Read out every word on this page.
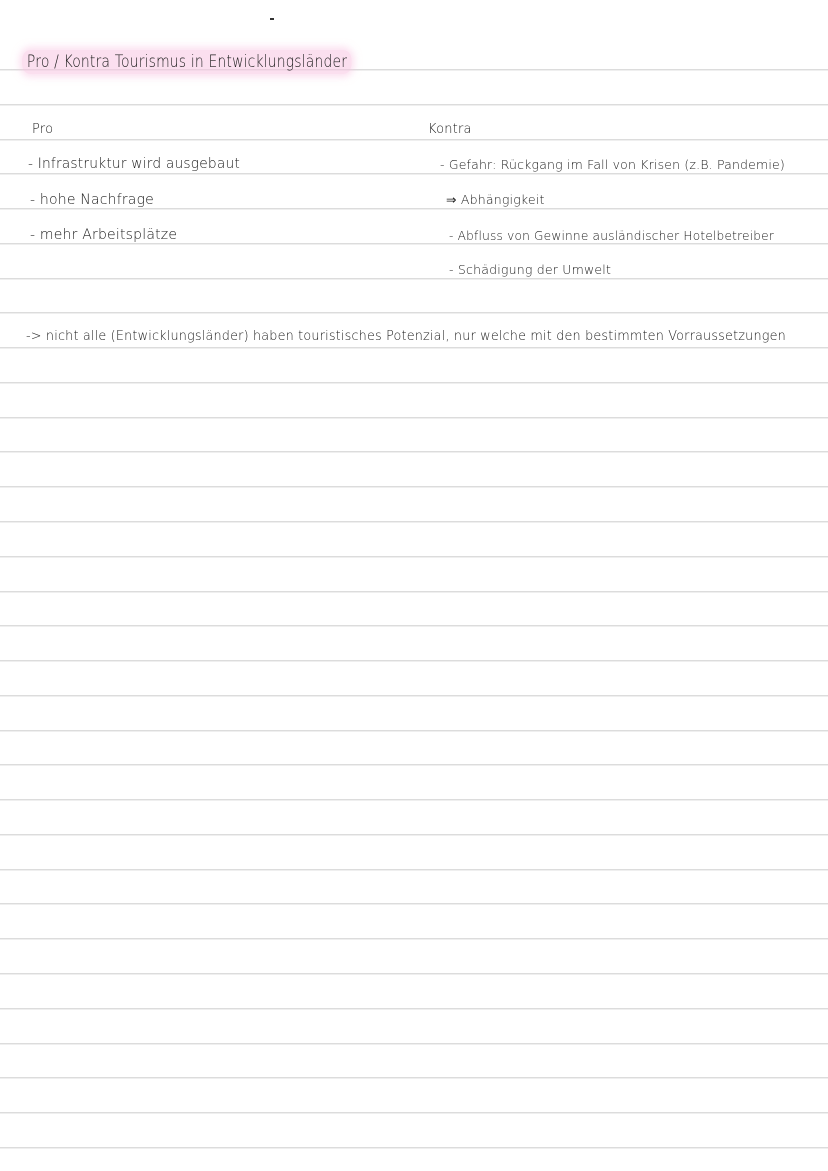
Pro / Kontra Tourismus in Entwicklungsländer
Pro
- Infrastruktur wird ausgebaut
- hohe Nachfrage
- mehr Arbeitsplätze
Kontra
- Gefahr: Rückgang im Fall von Krisen (z.B. Pandemie)
⇒ Abhängigkeit
- Abfluss von Gewinne ausländischer Hotelbetreiber
- Schädigung der Umwelt
-> nicht alle (Entwicklungsländer) haben touristisches Potenzial, nur welche mit den bestimmten Vorraussetzungen
